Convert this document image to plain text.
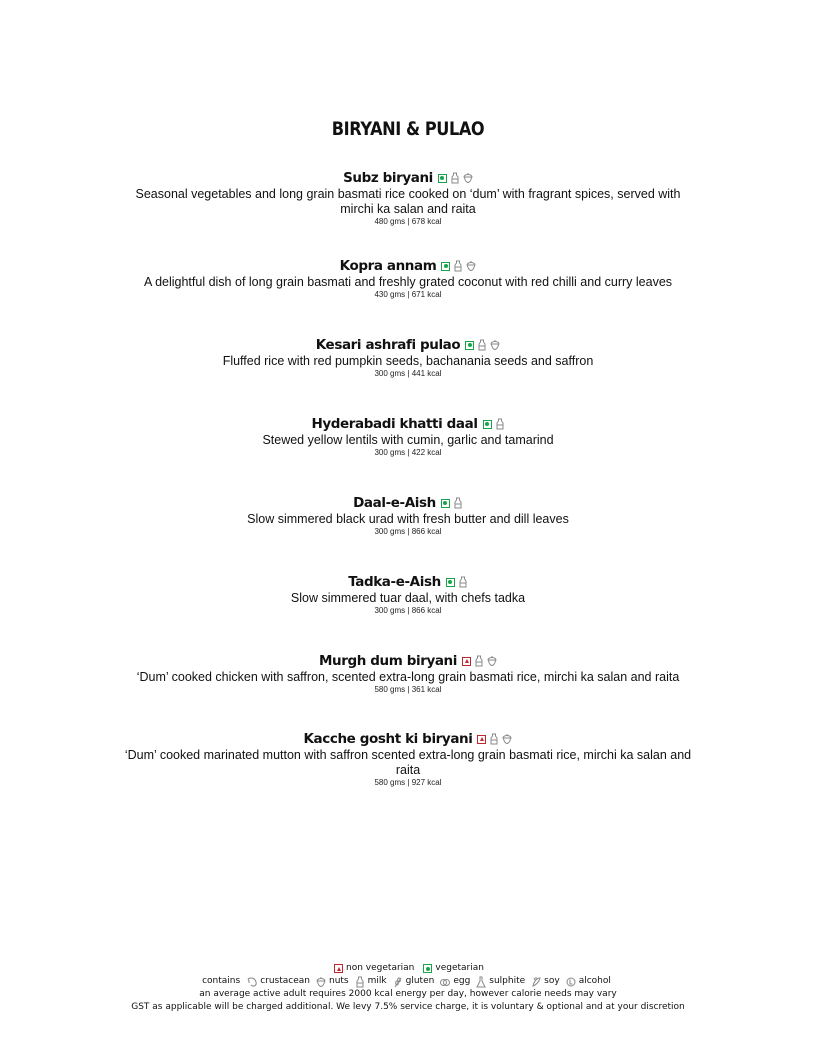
BIRYANI & PULAO
Subz biryani
Seasonal vegetables and long grain basmati rice cooked on ‘dum’ with fragrant spices, served with mirchi ka salan and raita
480 gms | 678 kcal
Kopra annam
A delightful dish of long grain basmati and freshly grated coconut with red chilli and curry leaves
430 gms | 671 kcal
Kesari ashrafi pulao
Fluffed rice with red pumpkin seeds, bachanania seeds and saffron
300 gms | 441 kcal
Hyderabadi khatti daal
Stewed yellow lentils with cumin, garlic and tamarind
300 gms | 422 kcal
Daal-e-Aish
Slow simmered black urad with fresh butter and dill leaves
300 gms | 866 kcal
Tadka-e-Aish
Slow simmered tuar daal, with chefs tadka
300 gms | 866 kcal
Murgh dum biryani
‘Dum’ cooked chicken with saffron, scented extra-long grain basmati rice, mirchi ka salan and raita
580 gms | 361 kcal
Kacche gosht ki biryani
‘Dum’ cooked marinated mutton with saffron scented extra-long grain basmati rice, mirchi ka salan and raita
580 gms | 927 kcal
non vegetarian vegetarian
contains crustacean nuts milk gluten egg sulphite soy alcohol
an average active adult requires 2000 kcal energy per day, however calorie needs may vary
GST as applicable will be charged additional. We levy 7.5% service charge, it is voluntary & optional and at your discretion
